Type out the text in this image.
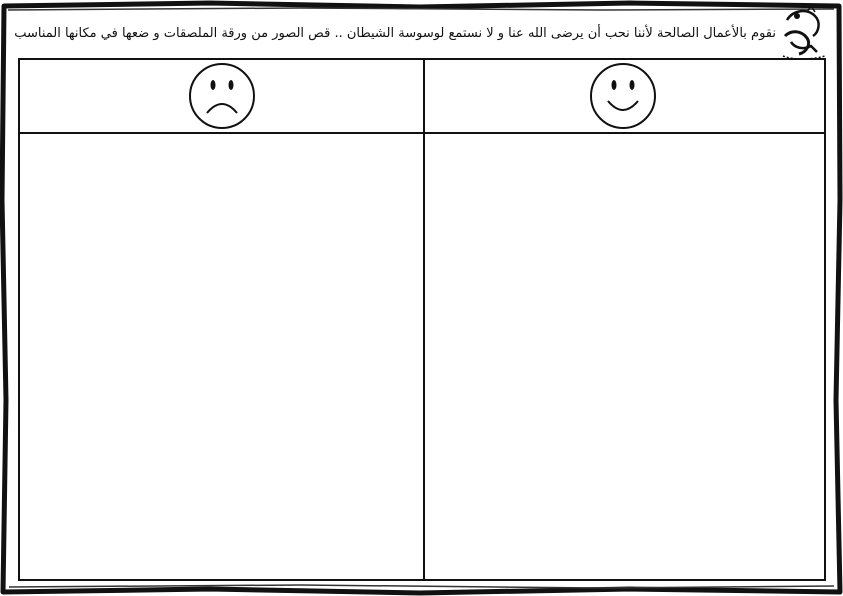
نقوم بالأعمال الصالحة لأننا نحب أن يرضى الله عنا و لا نستمع لوسوسة الشيطان .. قص الصور من ورقة الملصقات و ضعها في مكانها المناسب
